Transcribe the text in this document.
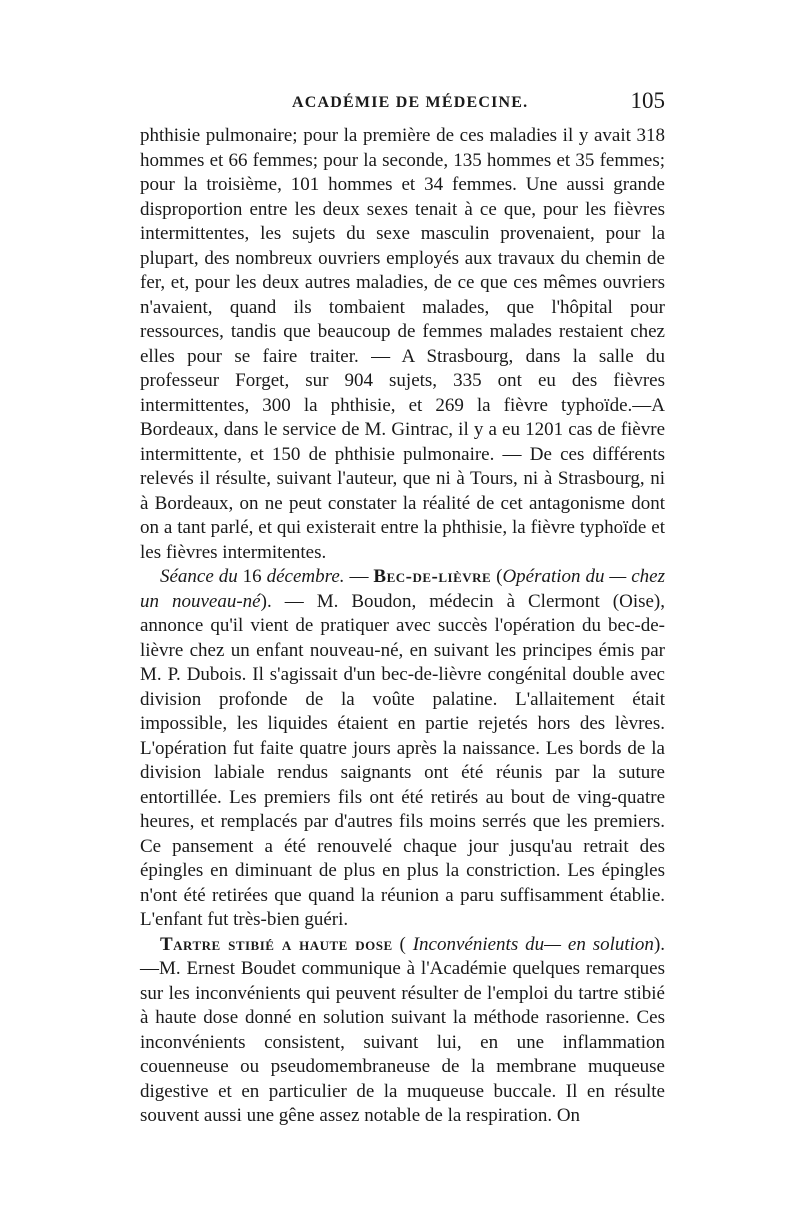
ACADÉMIE DE MÉDECINE.	105

phthisie pulmonaire; pour la première de ces maladies il y avait 318 hommes et 66 femmes; pour la seconde, 135 hommes et 35 femmes; pour la troisième, 101 hommes et 34 femmes. Une aussi grande disproportion entre les deux sexes tenait à ce que, pour les fièvres intermittentes, les sujets du sexe masculin provenaient, pour la plupart, des nombreux ouvriers employés aux travaux du chemin de fer, et, pour les deux autres maladies, de ce que ces mêmes ouvriers n'avaient, quand ils tombaient malades, que l'hôpital pour ressources, tandis que beaucoup de femmes malades restaient chez elles pour se faire traiter. — A Strasbourg, dans la salle du professeur Forget, sur 904 sujets, 335 ont eu des fièvres intermittentes, 300 la phthisie, et 269 la fièvre typhoïde.—A Bordeaux, dans le service de M. Gintrac, il y a eu 1201 cas de fièvre intermittente, et 150 de phthisie pulmonaire. — De ces différents relevés il résulte, suivant l'auteur, que ni à Tours, ni à Strasbourg, ni à Bordeaux, on ne peut constater la réalité de cet antagonisme dont on a tant parlé, et qui existerait entre la phthisie, la fièvre typhoïde et les fièvres intermitentes.

Séance du 16 décembre. — Bec-de-lièvre (Opération du — chez un nouveau-né). — M. Boudon, médecin à Clermont (Oise), annonce qu'il vient de pratiquer avec succès l'opération du bec-de-lièvre chez un enfant nouveau-né, en suivant les principes émis par M. P. Dubois. Il s'agissait d'un bec-de-lièvre congénital double avec division profonde de la voûte palatine. L'allaitement était impossible, les liquides étaient en partie rejetés hors des lèvres. L'opération fut faite quatre jours après la naissance. Les bords de la division labiale rendus saignants ont été réunis par la suture entortillée. Les premiers fils ont été retirés au bout de ving-quatre heures, et remplacés par d'autres fils moins serrés que les premiers. Ce pansement a été renouvelé chaque jour jusqu'au retrait des épingles en diminuant de plus en plus la constriction. Les épingles n'ont été retirées que quand la réunion a paru suffisamment établie. L'enfant fut très-bien guéri.

Tartre stibié a haute dose ( Inconvénients du— en solution). —M. Ernest Boudet communique à l'Académie quelques remarques sur les inconvénients qui peuvent résulter de l'emploi du tartre stibié à haute dose donné en solution suivant la méthode rasorienne. Ces inconvénients consistent, suivant lui, en une inflammation couenneuse ou pseudomembraneuse de la membrane muqueuse digestive et en particulier de la muqueuse buccale. Il en résulte souvent aussi une gêne assez notable de la respiration. On
